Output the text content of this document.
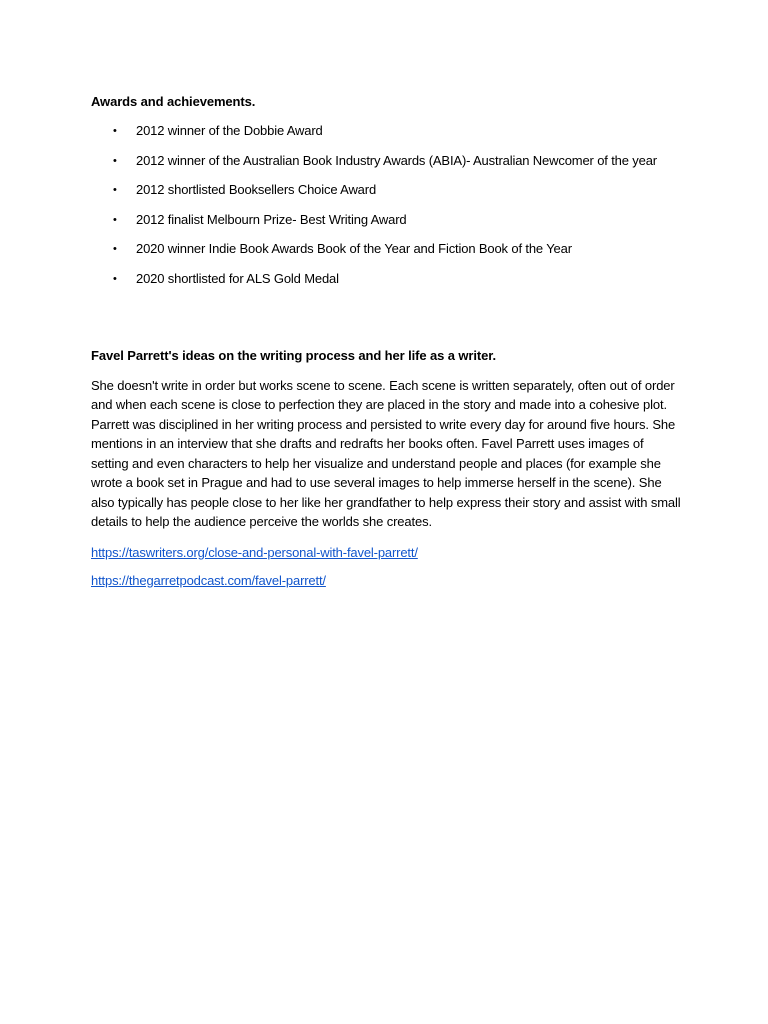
Awards and achievements.

• 2012 winner of the Dobbie Award
• 2012 winner of the Australian Book Industry Awards (ABIA)- Australian Newcomer of the year
• 2012 shortlisted Booksellers Choice Award
• 2012 finalist Melbourn Prize- Best Writing Award
• 2020 winner Indie Book Awards Book of the Year and Fiction Book of the Year
• 2020 shortlisted for ALS Gold Medal

Favel Parrett's ideas on the writing process and her life as a writer.

She doesn't write in order but works scene to scene. Each scene is written separately, often out of order and when each scene is close to perfection they are placed in the story and made into a cohesive plot. Parrett was disciplined in her writing process and persisted to write every day for around five hours. She mentions in an interview that she drafts and redrafts her books often. Favel Parrett uses images of setting and even characters to help her visualize and understand people and places (for example she wrote a book set in Prague and had to use several images to help immerse herself in the scene). She also typically has people close to her like her grandfather to help express their story and assist with small details to help the audience perceive the worlds she creates.

https://taswriters.org/close-and-personal-with-favel-parrett/
https://thegarretpodcast.com/favel-parrett/
